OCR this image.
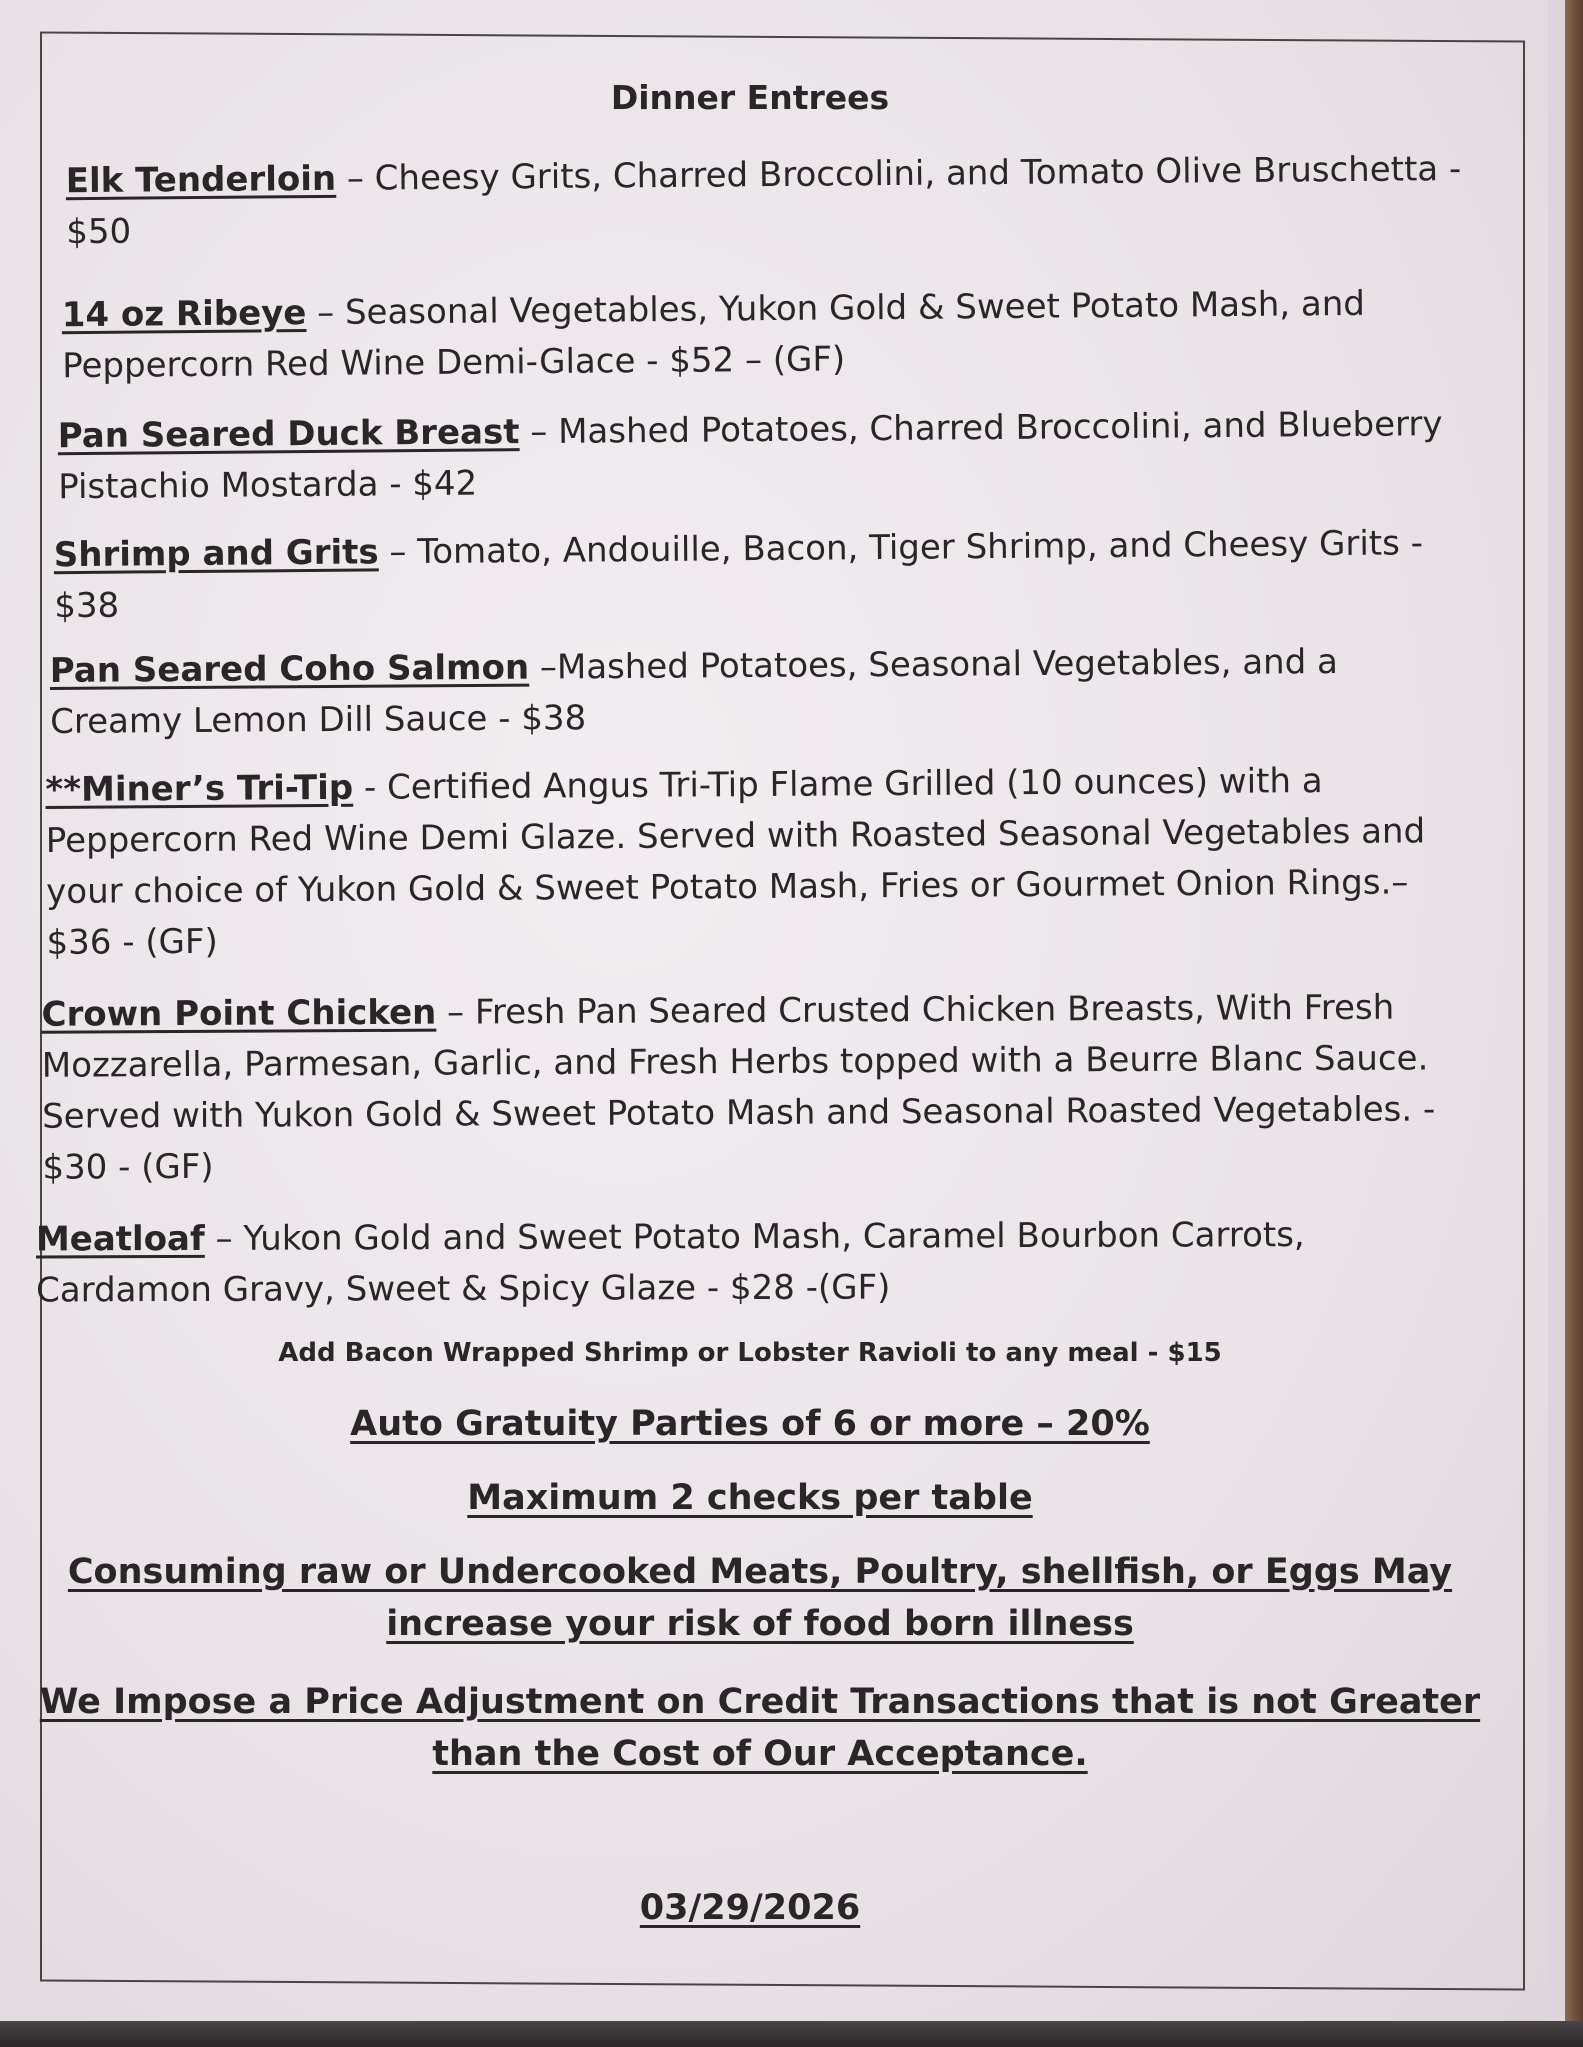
Dinner Entrees
Elk Tenderloin – Cheesy Grits, Charred Broccolini, and Tomato Olive Bruschetta - $50
14 oz Ribeye – Seasonal Vegetables, Yukon Gold & Sweet Potato Mash, and Peppercorn Red Wine Demi-Glace - $52 – (GF)
Pan Seared Duck Breast – Mashed Potatoes, Charred Broccolini, and Blueberry Pistachio Mostarda - $42
Shrimp and Grits – Tomato, Andouille, Bacon, Tiger Shrimp, and Cheesy Grits - $38
Pan Seared Coho Salmon –Mashed Potatoes, Seasonal Vegetables, and a Creamy Lemon Dill Sauce - $38
**Miner’s Tri-Tip - Certified Angus Tri-Tip Flame Grilled (10 ounces) with a Peppercorn Red Wine Demi Glaze. Served with Roasted Seasonal Vegetables and your choice of Yukon Gold & Sweet Potato Mash, Fries or Gourmet Onion Rings.– $36 - (GF)
Crown Point Chicken – Fresh Pan Seared Crusted Chicken Breasts, With Fresh Mozzarella, Parmesan, Garlic, and Fresh Herbs topped with a Beurre Blanc Sauce. Served with Yukon Gold & Sweet Potato Mash and Seasonal Roasted Vegetables. - $30 - (GF)
Meatloaf – Yukon Gold and Sweet Potato Mash, Caramel Bourbon Carrots, Cardamon Gravy, Sweet & Spicy Glaze - $28 -(GF)
Add Bacon Wrapped Shrimp or Lobster Ravioli to any meal - $15
Auto Gratuity Parties of 6 or more – 20%
Maximum 2 checks per table
Consuming raw or Undercooked Meats, Poultry, shellfish, or Eggs May increase your risk of food born illness
We Impose a Price Adjustment on Credit Transactions that is not Greater than the Cost of Our Acceptance.
03/29/2026
